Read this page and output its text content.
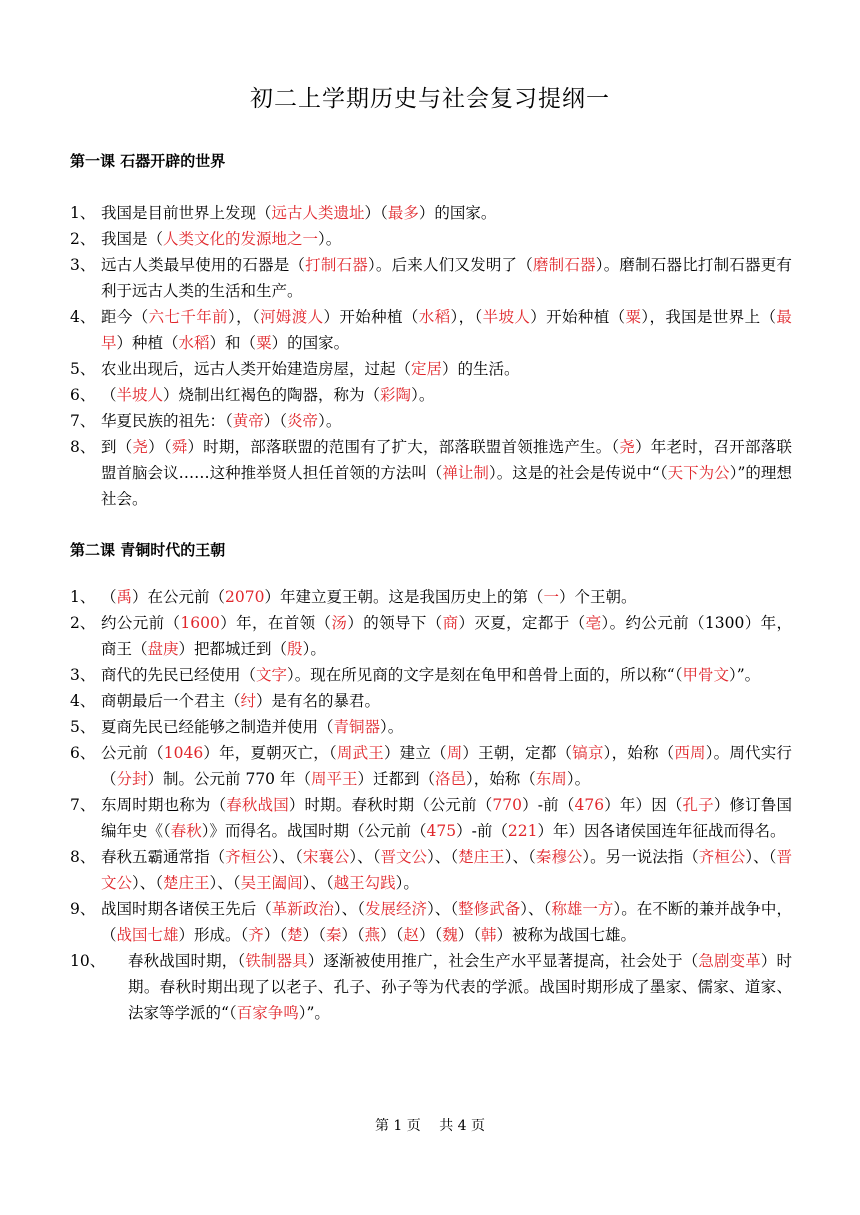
初二上学期历史与社会复习提纲一
第一课 石器开辟的世界
1、 我国是目前世界上发现（远古人类遗址）（最多）的国家。
2、 我国是（人类文化的发源地之一）。
3、 远古人类最早使用的石器是（打制石器）。后来人们又发明了（磨制石器）。磨制石器比打制石器更有利于远古人类的生活和生产。
4、 距今（六七千年前），（河姆渡人）开始种植（水稻），（半坡人）开始种植（粟），我国是世界上（最早）种植（水稻）和（粟）的国家。
5、 农业出现后，远古人类开始建造房屋，过起（定居）的生活。
6、 （半坡人）烧制出红褐色的陶器，称为（彩陶）。
7、 华夏民族的祖先：（黄帝）（炎帝）。
8、 到（尧）（舜）时期，部落联盟的范围有了扩大，部落联盟首领推选产生。（尧）年老时，召开部落联盟首脑会议……这种推举贤人担任首领的方法叫（禅让制）。这是的社会是传说中“（天下为公）”的理想社会。
第二课 青铜时代的王朝
1、 （禹）在公元前（2070）年建立夏王朝。这是我国历史上的第（一）个王朝。
2、 约公元前（1600）年，在首领（汤）的领导下（商）灭夏，定都于（亳）。约公元前（1300）年，商王（盘庚）把都城迁到（殷）。
3、 商代的先民已经使用（文字）。现在所见商的文字是刻在龟甲和兽骨上面的，所以称“（甲骨文）”。
4、 商朝最后一个君主（纣）是有名的暴君。
5、 夏商先民已经能够之制造并使用（青铜器）。
6、 公元前（1046）年，夏朝灭亡，（周武王）建立（周）王朝，定都（镐京），始称（西周）。周代实行（分封）制。公元前 770 年（周平王）迁都到（洛邑），始称（东周）。
7、 东周时期也称为（春秋战国）时期。春秋时期（公元前（770）-前（476）年）因（孔子）修订鲁国编年史《（春秋）》而得名。战国时期（公元前（475）-前（221）年）因各诸侯国连年征战而得名。
8、 春秋五霸通常指（齐桓公）、（宋襄公）、（晋文公）、（楚庄王）、（秦穆公）。另一说法指（齐桓公）、（晋文公）、（楚庄王）、（吴王阖闾）、（越王勾践）。
9、 战国时期各诸侯王先后（革新政治）、（发展经济）、（整修武备）、（称雄一方）。在不断的兼并战争中，（战国七雄）形成。（齐）（楚）（秦）（燕）（赵）（魏）（韩）被称为战国七雄。
10、 春秋战国时期，（铁制器具）逐渐被使用推广，社会生产水平显著提高，社会处于（急剧变革）时期。春秋时期出现了以老子、孔子、孙子等为代表的学派。战国时期形成了墨家、儒家、道家、法家等学派的“（百家争鸣）”。
第 1 页　 共 4 页
